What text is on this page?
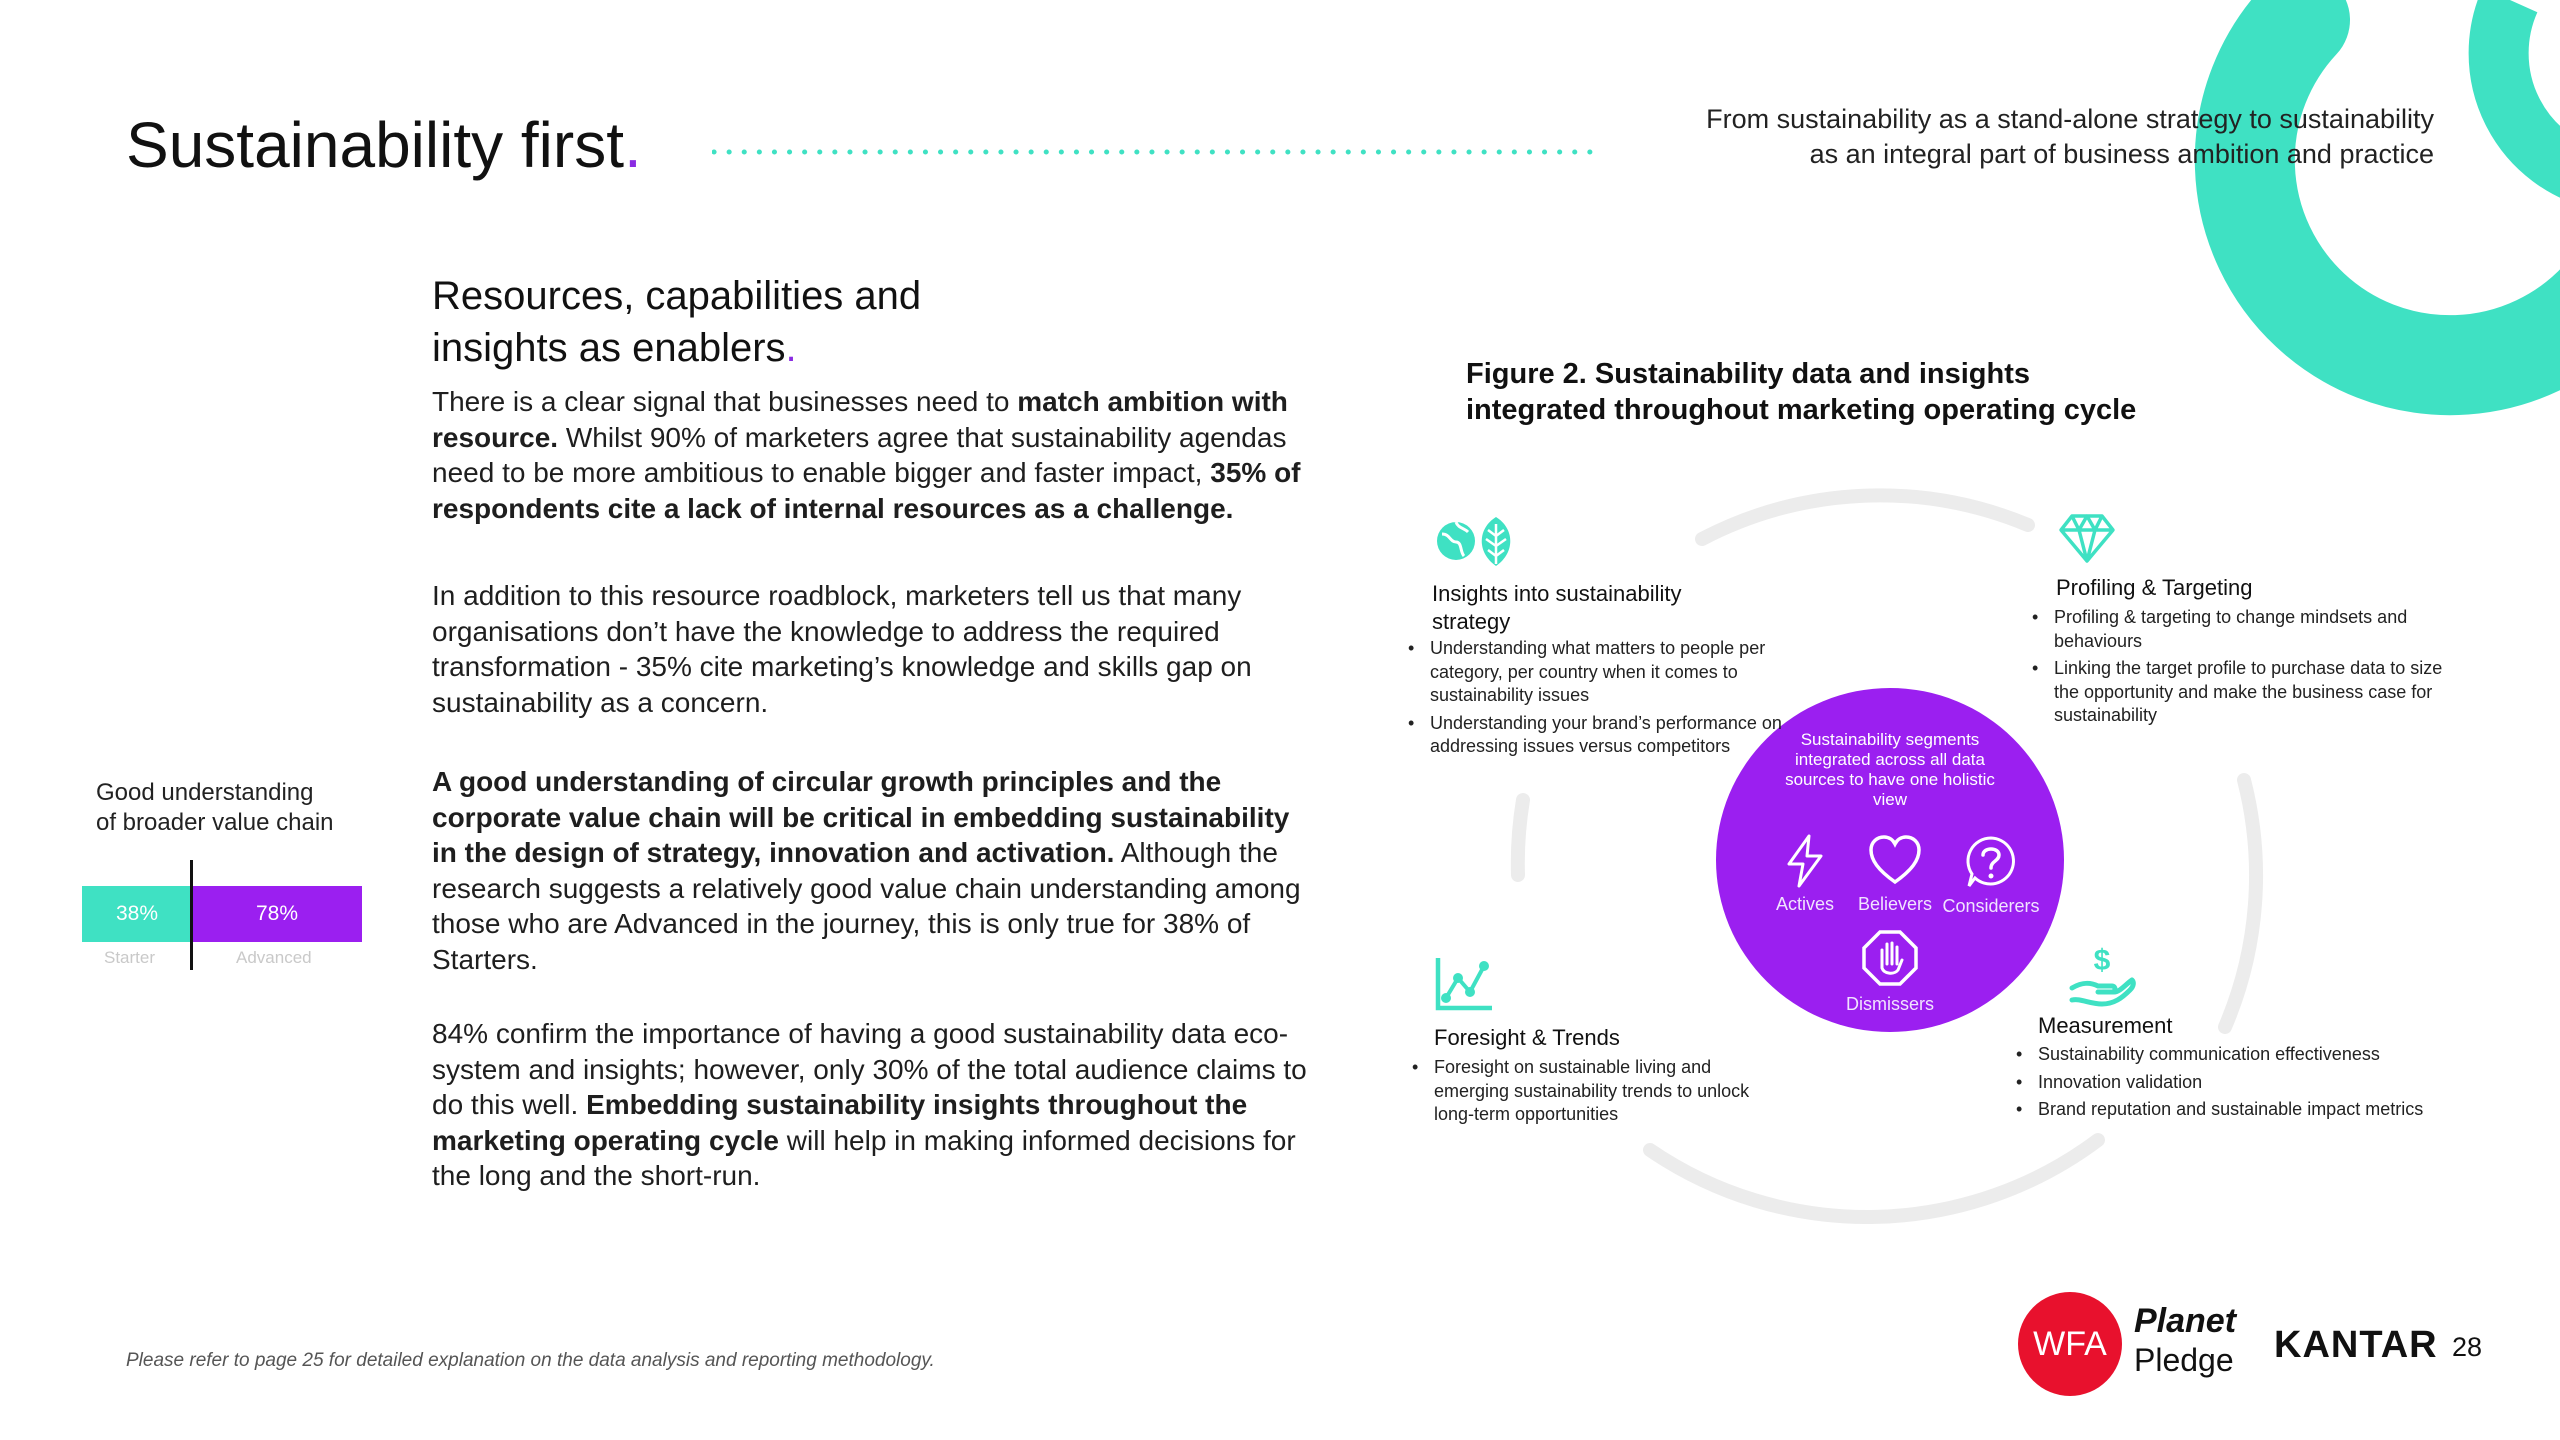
Sustainability first.	From sustainability as a stand-alone strategy to sustainability
as an integral part of business ambition and practice
Resources, capabilities and
insights as enablers.

There is a clear signal that businesses need to match ambition with resource. Whilst 90% of marketers agree that sustainability agendas need to be more ambitious to enable bigger and faster impact, 35% of respondents cite a lack of internal resources as a challenge.

In addition to this resource roadblock, marketers tell us that many organisations don’t have the knowledge to address the required transformation - 35% cite marketing’s knowledge and skills gap on sustainability as a concern.

A good understanding of circular growth principles and the corporate value chain will be critical in embedding sustainability in the design of strategy, innovation and activation. Although the research suggests a relatively good value chain understanding among those who are Advanced in the journey, this is only true for 38% of Starters.

84% confirm the importance of having a good sustainability data eco-system and insights; however, only 30% of the total audience claims to do this well. Embedding sustainability insights throughout the marketing operating cycle will help in making informed decisions for the long and the short-run.

Good understanding
of broader value chain
38%	78%
Starter	Advanced
Figure 2. Sustainability data and insights
integrated throughout marketing operating cycle
Sustainability segments integrated across all data sources to have one holistic view
Actives	Believers Considerers
Dismissers
Insights into sustainability
strategy
• Understanding what matters to people per category, per country when it comes to sustainability issues
• Understanding your brand’s performance on addressing issues versus competitors
Profiling & Targeting
• Profiling & targeting to change mindsets and behaviours
• Linking the target profile to purchase data to size the opportunity and make the business case for sustainability
Foresight & Trends
• Foresight on sustainable living and emerging sustainability trends to unlock long-term opportunities
$
Measurement
• Sustainability communication effectiveness
• Innovation validation
• Brand reputation and sustainable impact metrics
Please refer to page 25 for detailed explanation on the data analysis and reporting methodology.	WFA
Planet
Pledge KANTAR 28
